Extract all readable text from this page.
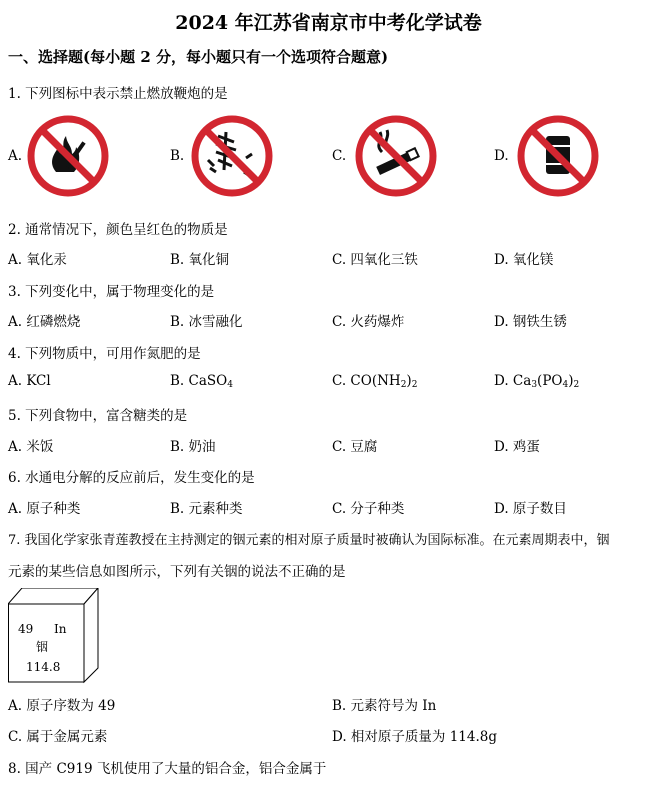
2024 年江苏省南京市中考化学试卷
一、选择题(每小题 2 分，每小题只有一个选项符合题意)
1. 下列图标中表示禁止燃放鞭炮的是
A.	B.	C.	D.
2. 通常情况下，颜色呈红色的物质是
A. 氧化汞	B. 氧化铜	C. 四氧化三铁	D. 氧化镁
3. 下列变化中，属于物理变化的是
A. 红磷燃烧	B. 冰雪融化	C. 火药爆炸	D. 钢铁生锈
4. 下列物质中，可用作氮肥的是
A. KCl	B. CaSO$_4$	C. $CO(NH_2)_2$	D. $Ca_3(PO_4)_2$
5. 下列食物中，富含糖类的是
A. 米饭	B. 奶油	C. 豆腐	D. 鸡蛋
6. 水通电分解的反应前后，发生变化的是
A. 原子种类	B. 元素种类	C. 分子种类	D. 原子数目
7. 我国化学家张青莲教授在主持测定的铟元素的相对原子质量时被确认为国际标准。在元素周期表中，铟
元素的某些信息如图所示，下列有关铟的说法不正确的是
49 In
铟
114.8
A. 原子序数为 49	B. 元素符号为 In
C. 属于金属元素	D. 相对原子质量为 114.8g
8. 国产 C919 飞机使用了大量的铝合金，铝合金属于
